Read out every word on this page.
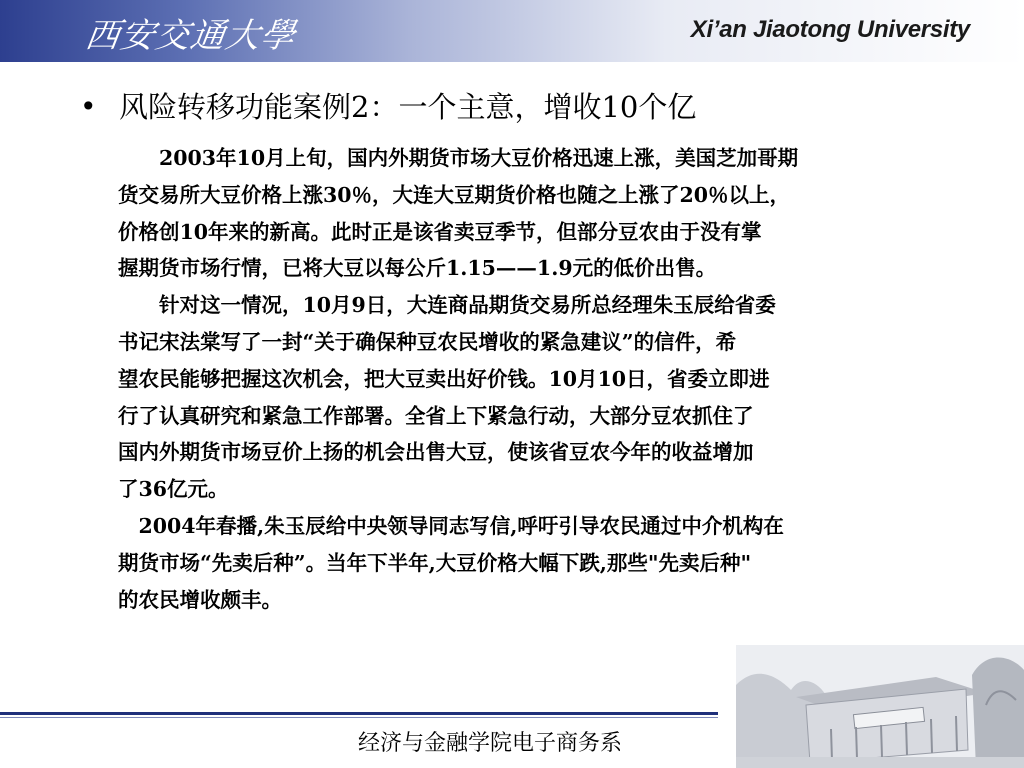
西安交通大學	Xi’an Jiaotong University
• 风险转移功能案例2：一个主意，增收10个亿
　　2003年10月上旬，国内外期货市场大豆价格迅速上涨，美国芝加哥期
货交易所大豆价格上涨30％，大连大豆期货价格也随之上涨了20％以上，
价格创10年来的新高。此时正是该省卖豆季节，但部分豆农由于没有掌
握期货市场行情，已将大豆以每公斤1.15——1.9元的低价出售。
　　针对这一情况，10月9日，大连商品期货交易所总经理朱玉辰给省委
书记宋法棠写了一封“关于确保种豆农民增收的紧急建议”的信件，希
望农民能够把握这次机会，把大豆卖出好价钱。10月10日，省委立即进
行了认真研究和紧急工作部署。全省上下紧急行动，大部分豆农抓住了
国内外期货市场豆价上扬的机会出售大豆，使该省豆农今年的收益增加
了36亿元。
　2004年春播,朱玉辰给中央领导同志写信,呼吁引导农民通过中介机构在
期货市场“先卖后种”。当年下半年,大豆价格大幅下跌,那些"先卖后种"
的农民增收颇丰。
经济与金融学院电子商务系
